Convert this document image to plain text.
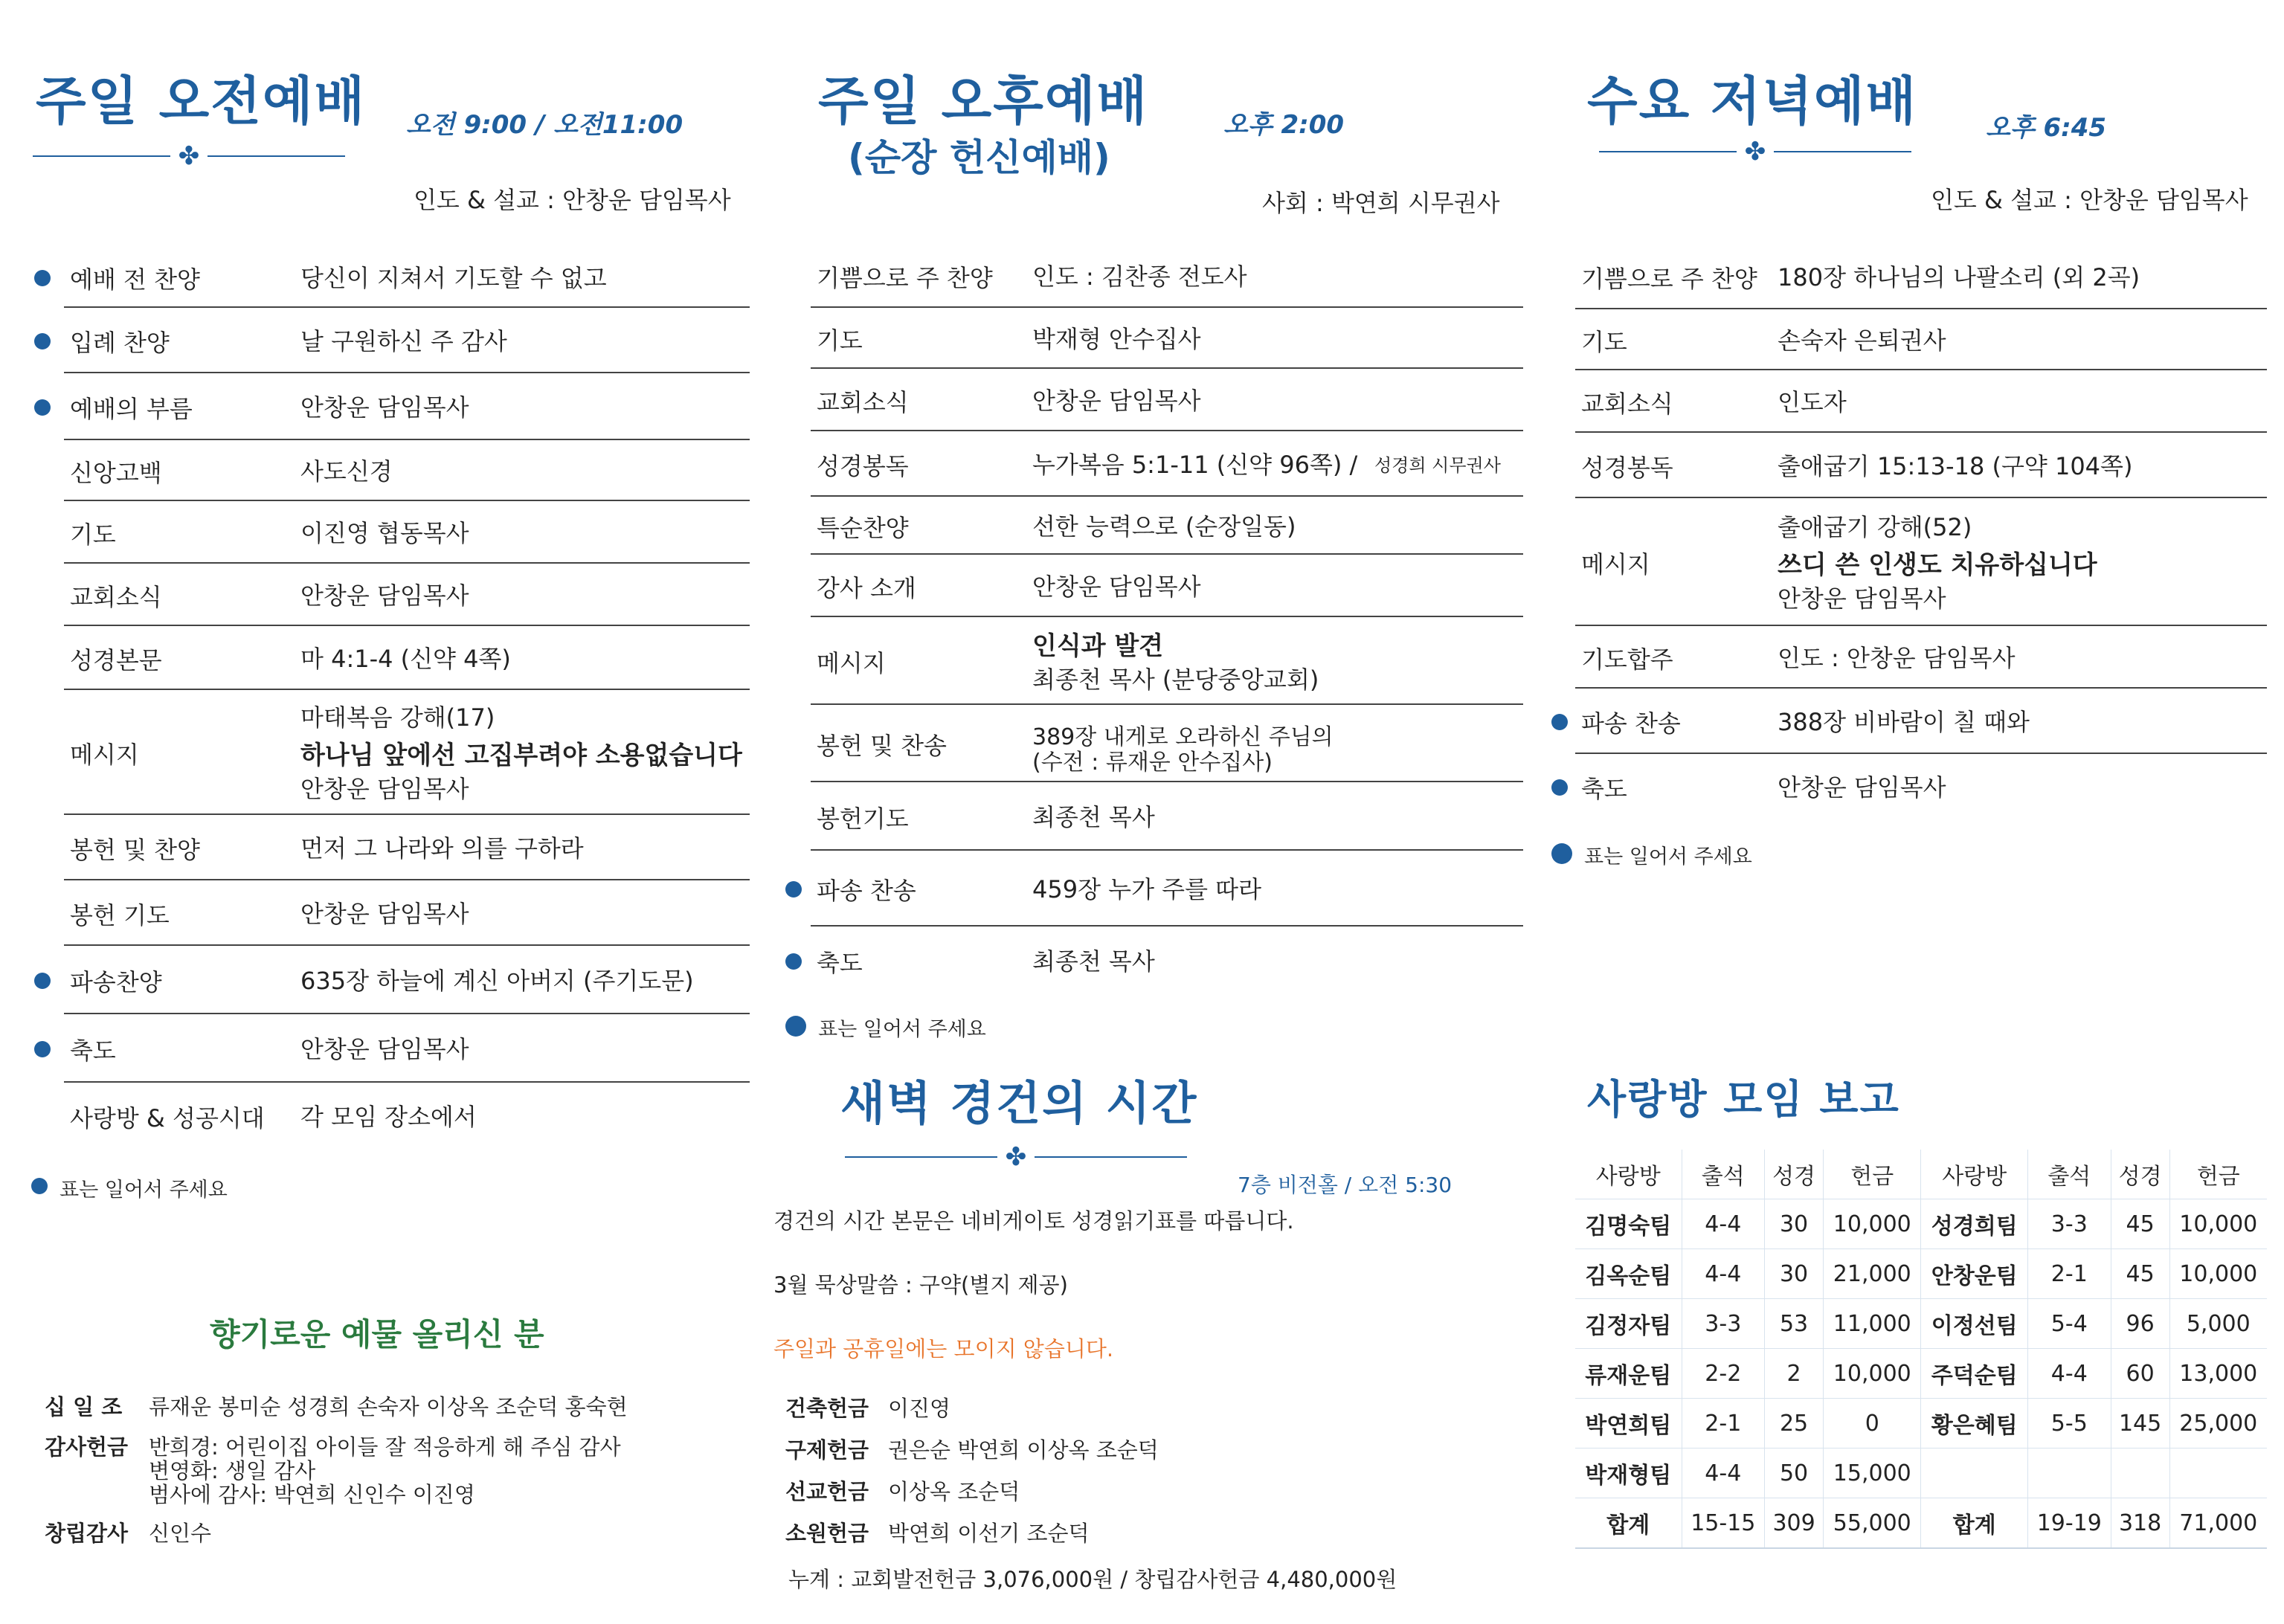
주일 오전예배 오전 9:00 / 오전11:00
✤
인도 & 설교 : 안창운 담임목사
예배 전 찬양	당신이 지쳐서 기도할 수 없고
입례 찬양	날 구원하신 주 감사
예배의 부름	안창운 담임목사
신앙고백	사도신경
기도	이진영 협동목사
교회소식	안창운 담임목사
성경본문	마 4:1-4 (신약 4쪽)
메시지
마태복음 강해(17)
하나님 앞에선 고집부려야 소용없습니다
안창운 담임목사
봉헌 및 찬양	먼저 그 나라와 의를 구하라
봉헌 기도	안창운 담임목사
파송찬양	635장 하늘에 계신 아버지 (주기도문)
축도	안창운 담임목사
사랑방 & 성공시대 각 모임 장소에서
표는 일어서 주세요
주일 오후예배
(순장 헌신예배)
오후 2:00
사회 : 박연희 시무권사
기쁨으로 주 찬양 인도 : 김찬종 전도사
기도	박재형 안수집사
교회소식	안창운 담임목사
성경봉독	누가복음 5:1-11 (신약 96쪽) / 성경희 시무권사
특순찬양	선한 능력으로 (순장일동)
강사 소개	안창운 담임목사
메시지
인식과 발견
최종천 목사 (분당중앙교회)
봉헌 및 찬송	389장 내게로 오라하신 주님의
(수전 : 류재운 안수집사)
봉헌기도	최종천 목사
파송 찬송	459장 누가 주를 따라
축도	최종천 목사
표는 일어서 주세요
수요 저녁예배	오후 6:45
✤
인도 & 설교 : 안창운 담임목사
기쁨으로 주 찬양 180장 하나님의 나팔소리 (외 2곡)
기도	손숙자 은퇴권사
교회소식	인도자
성경봉독	출애굽기 15:13-18 (구약 104쪽)
메시지
출애굽기 강해(52)
쓰디 쓴 인생도 치유하십니다
안창운 담임목사
기도합주	인도 : 안창운 담임목사
파송 찬송	388장 비바람이 칠 때와
축도	안창운 담임목사
표는 일어서 주세요
새벽 경건의 시간
✤
7층 비전홀 / 오전 5:30
경건의 시간 본문은 네비게이토 성경읽기표를 따릅니다.
3월 묵상말씀 : 구약(별지 제공)
주일과 공휴일에는 모이지 않습니다.
향기로운 예물 올리신 분
십 일 조 류재운 봉미순 성경희 손숙자 이상옥 조순덕 홍숙현
감사헌금 반희경: 어린이집 아이들 잘 적응하게 해 주심 감사
변영화: 생일 감사
범사에 감사: 박연희 신인수 이진영
창립감사 신인수
건축헌금 이진영
구제헌금 권은순 박연희 이상옥 조순덕
선교헌금 이상옥 조순덕
소원헌금 박연희 이선기 조순덕
누계 : 교회발전헌금 3,076,000원 / 창립감사헌금 4,480,000원
사랑방 모임 보고
사랑방	출석	성경	헌금	사랑방	출석	성경	헌금
김명숙팀	4-4	30	10,000	성경희팀	3-3	45	10,000
김옥순팀	4-4	30	21,000	안창운팀	2-1	45	10,000
김정자팀	3-3	53	11,000	이정선팀	5-4	96	5,000
류재운팀	2-2	2	10,000	주덕순팀	4-4	60	13,000
박연희팀	2-1	25	0	황은혜팀	5-5	145	25,000
박재형팀	4-4	50	15,000				
합계	15-15	309	55,000	합계	19-19	318	71,000
